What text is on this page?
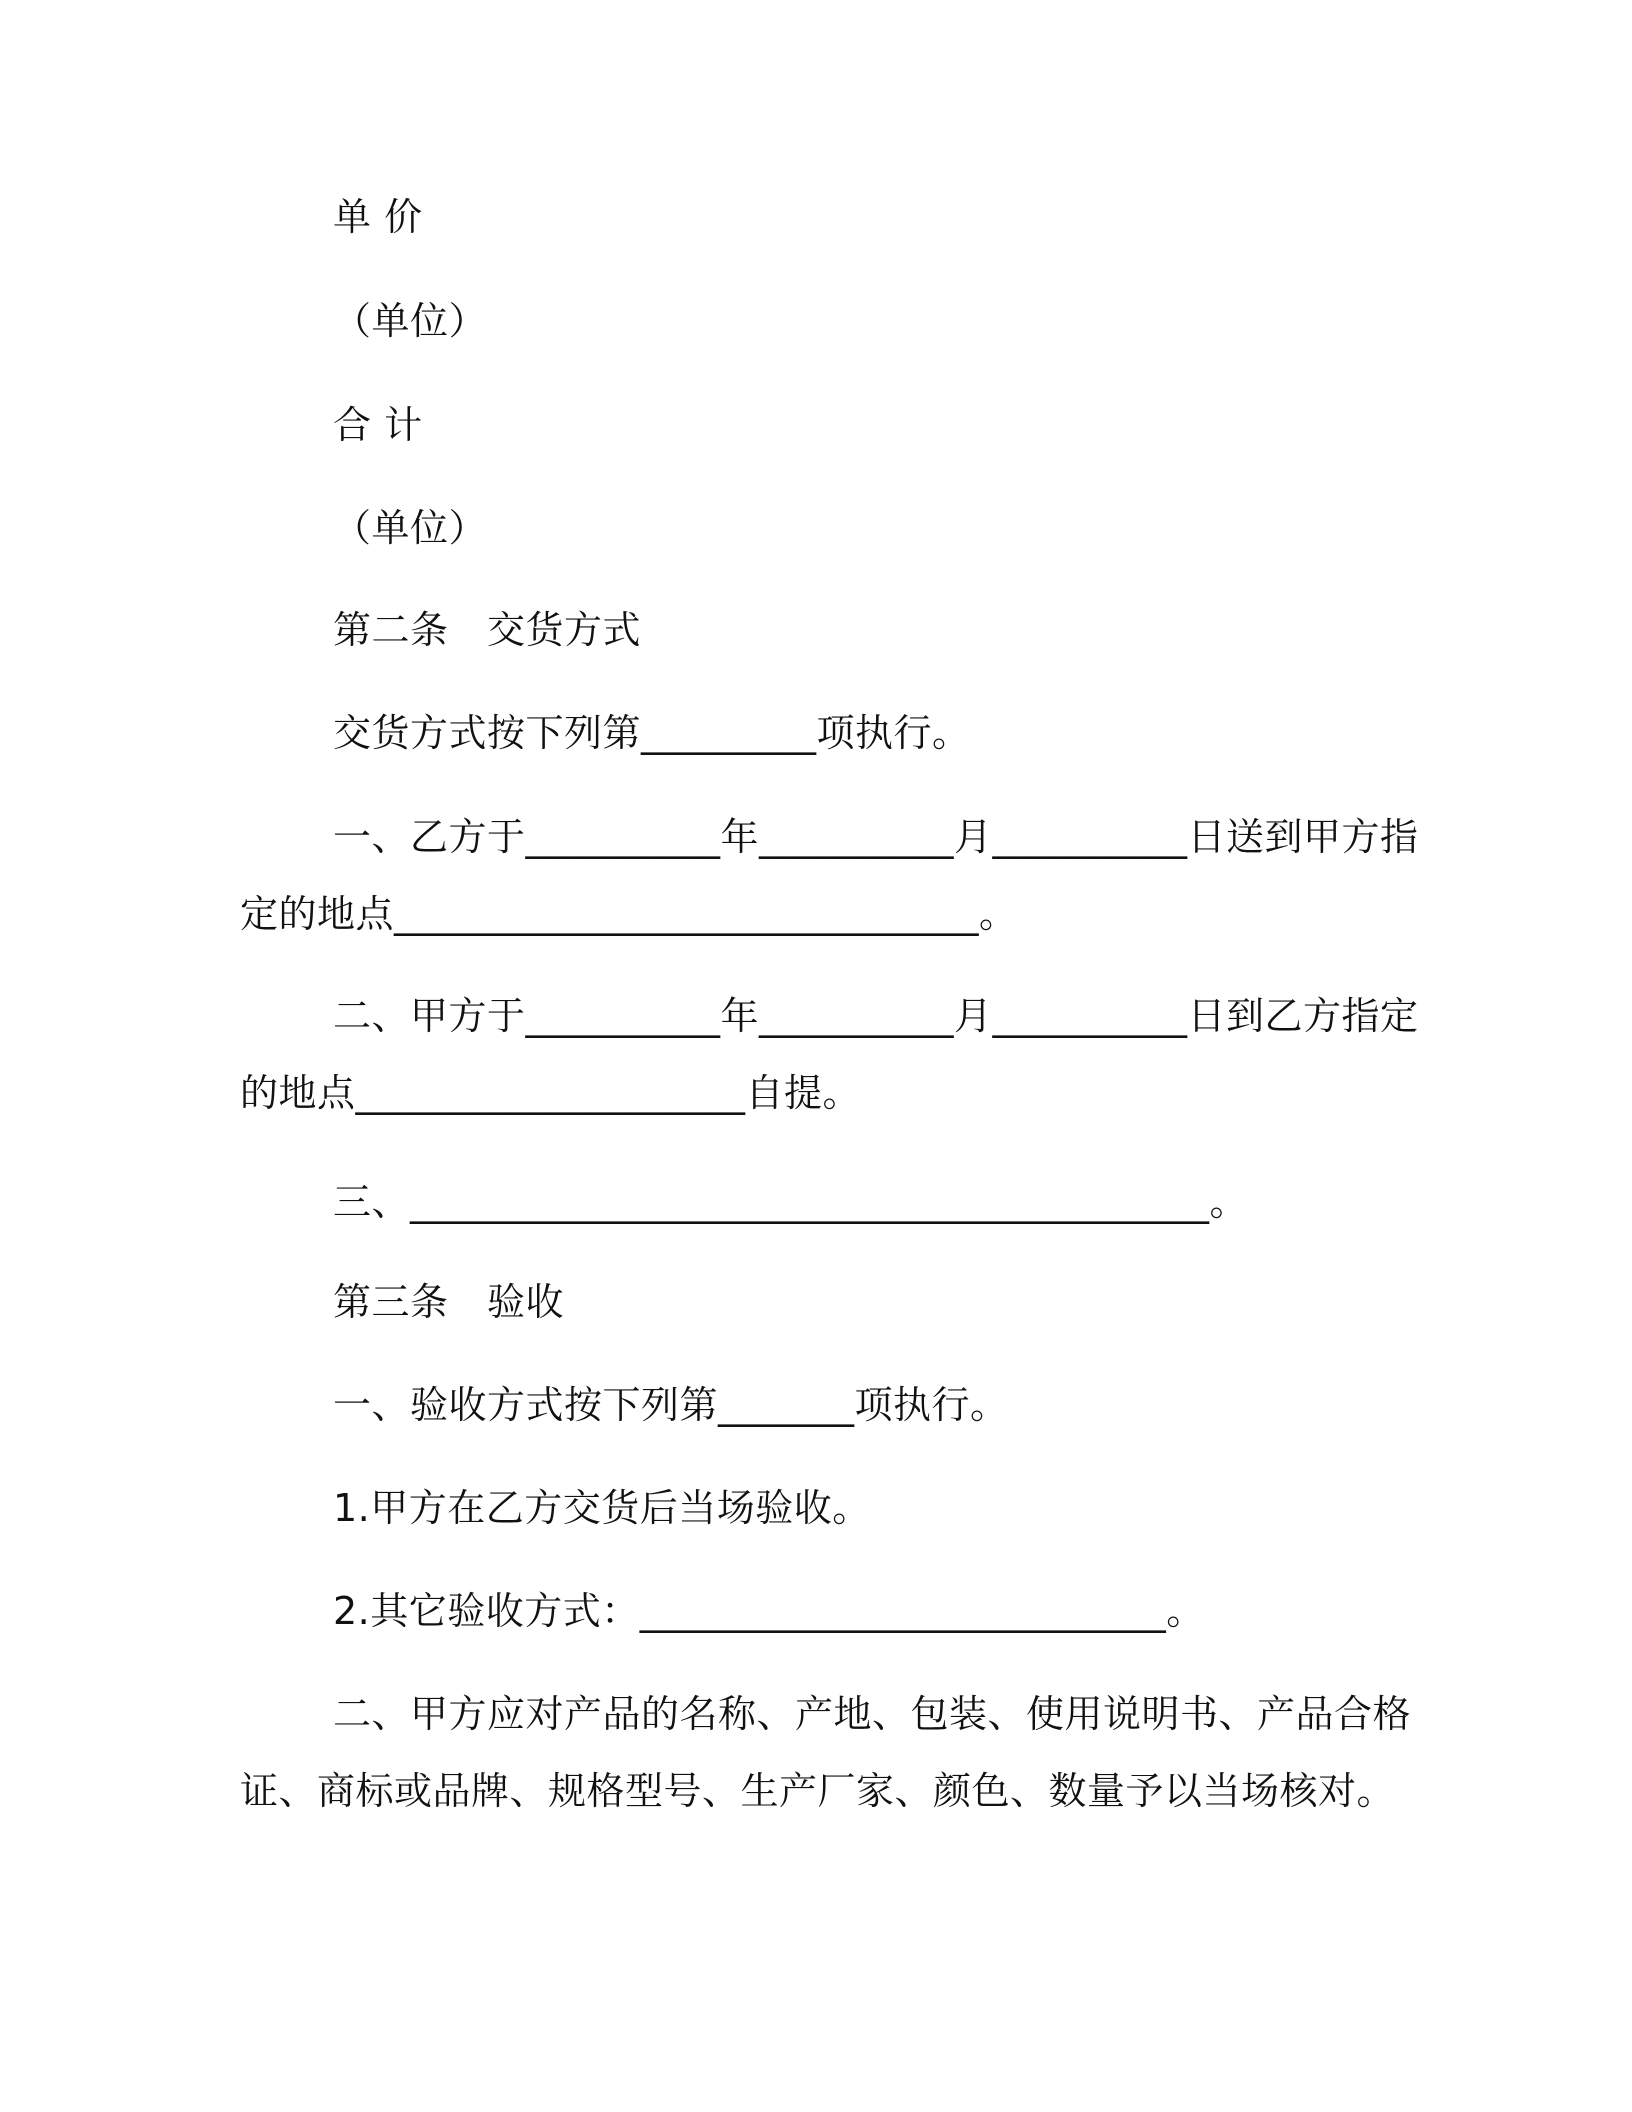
单 价
（单位）
合 计
（单位）
第二条　交货方式
交货方式按下列第_________项执行。
一、乙方于__________年__________月__________日送到甲方指
定的地点______________________________。
二、甲方于__________年__________月__________日到乙方指定
的地点____________________自提。
三、_________________________________________。
第三条　验收
一、验收方式按下列第_______项执行。
1.甲方在乙方交货后当场验收。
2.其它验收方式：___________________________。
二、甲方应对产品的名称、产地、包装、使用说明书、产品合格
证、商标或品牌、规格型号、生产厂家、颜色、数量予以当场核对。
